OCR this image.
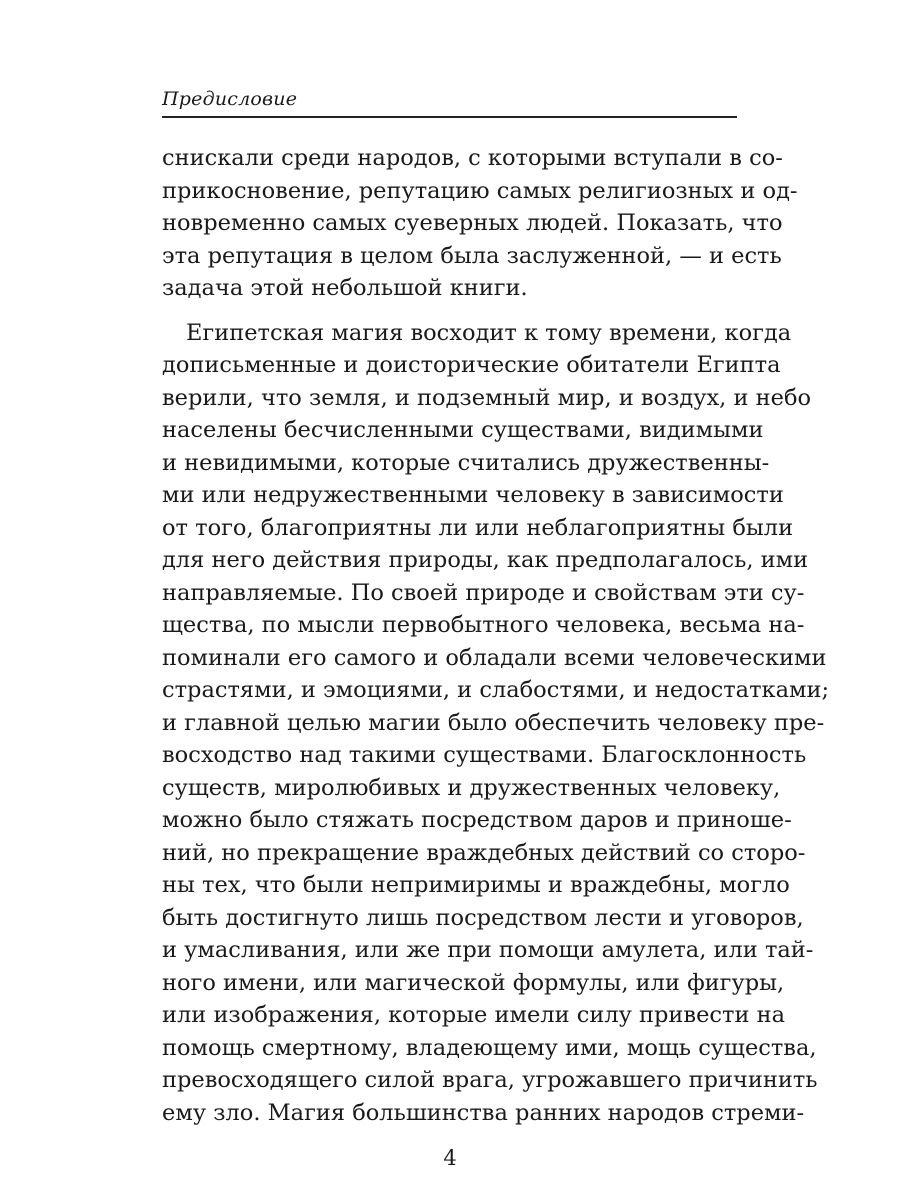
Предисловие
снискали среди народов, с которыми вступали в со-
прикосновение, репутацию самых религиозных и од-
новременно самых суеверных людей. Показать, что
эта репутация в целом была заслуженной, — и есть
задача этой небольшой книги.
Египетская магия восходит к тому времени, когда
дописьменные и доисторические обитатели Египта
верили, что земля, и подземный мир, и воздух, и небо
населены бесчисленными существами, видимыми
и невидимыми, которые считались дружественны-
ми или недружественными человеку в зависимости
от того, благоприятны ли или неблагоприятны были
для него действия природы, как предполагалось, ими
направляемые. По своей природе и свойствам эти су-
щества, по мысли первобытного человека, весьма на-
поминали его самого и обладали всеми человеческими
страстями, и эмоциями, и слабостями, и недостатками;
и главной целью магии было обеспечить человеку пре-
восходство над такими существами. Благосклонность
существ, миролюбивых и дружественных человеку,
можно было стяжать посредством даров и приноше-
ний, но прекращение враждебных действий со сторо-
ны тех, что были непримиримы и враждебны, могло
быть достигнуто лишь посредством лести и уговоров,
и умасливания, или же при помощи амулета, или тай-
ного имени, или магической формулы, или фигуры,
или изображения, которые имели силу привести на
помощь смертному, владеющему ими, мощь существа,
превосходящего силой врага, угрожавшего причинить
ему зло. Магия большинства ранних народов стреми-
4
